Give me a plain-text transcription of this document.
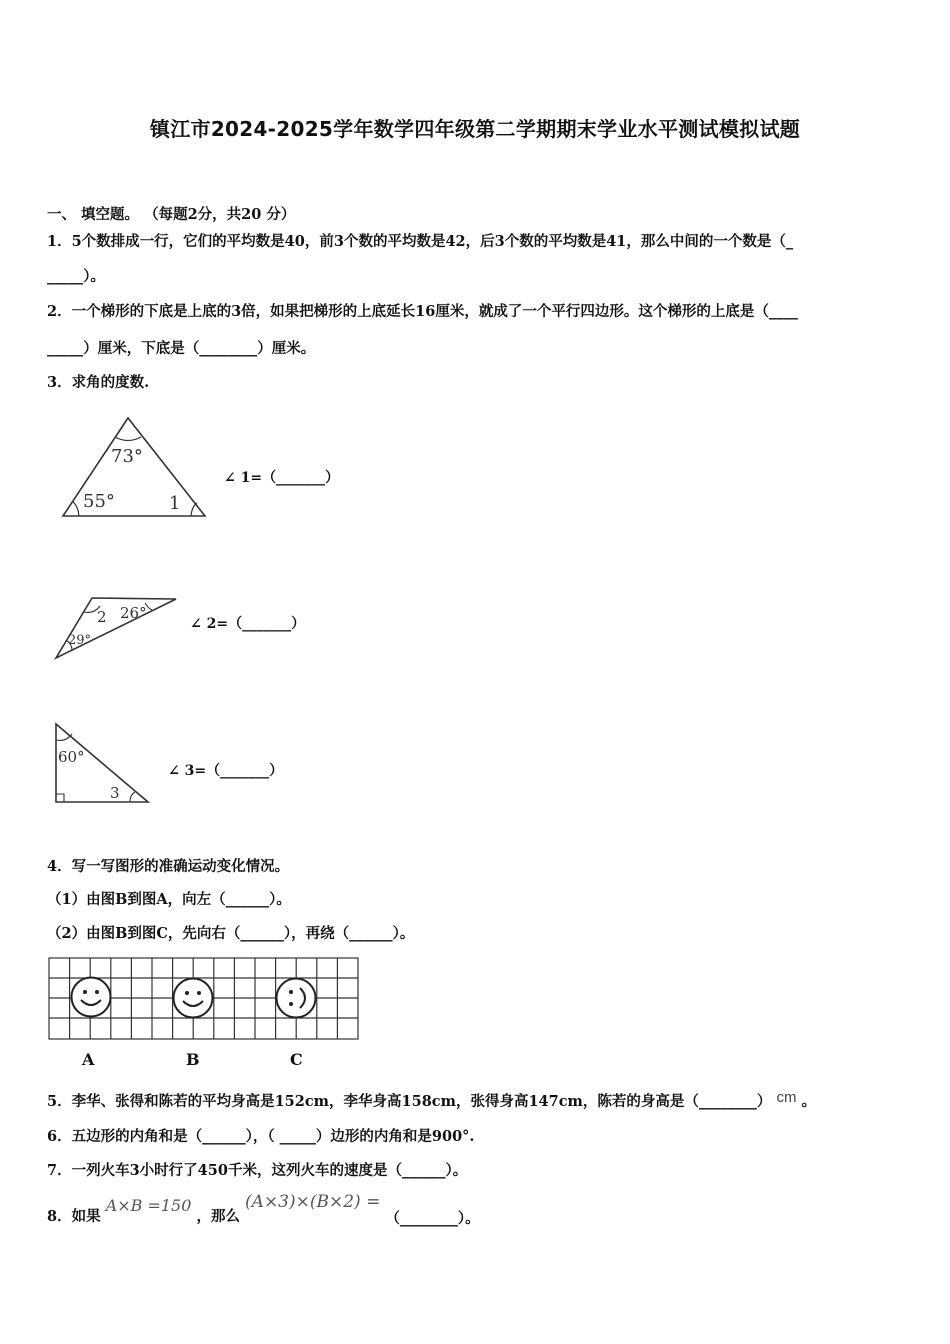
镇江市2024-2025学年数学四年级第二学期期末学业水平测试模拟试题
一、 填空题。 （每题2分，共20 分）
1．5个数排成一行，它们的平均数是40，前3个数的平均数是42，后3个数的平均数是41，那么中间的一个数是（_
_____）。
2．一个梯形的下底是上底的3倍，如果把梯形的上底延长16厘米，就成了一个平行四边形。这个梯形的上底是（____
_____）厘米，下底是（________）厘米。
3．求角的度数.
73°
55°	1
∠ 1=（_______）
2 26°
29°
∠ 2=（_______）
60°
3
∠ 3=（_______）
4．写一写图形的准确运动变化情况。
（1）由图B到图A，向左（______）。
（2）由图B到图C，先向右（______），再绕（______）。
A	B	C
5．李华、张得和陈若的平均身高是152cm，李华身高158cm，张得身高147cm，陈若的身高是（________） cm 。
6．五边形的内角和是（______），（ _____）边形的内角和是900°.
7．一列火车3小时行了450千米，这列火车的速度是（______）。
8．如果 A×B =150 ，那么 (A×3)×(B×2) = （________）。
